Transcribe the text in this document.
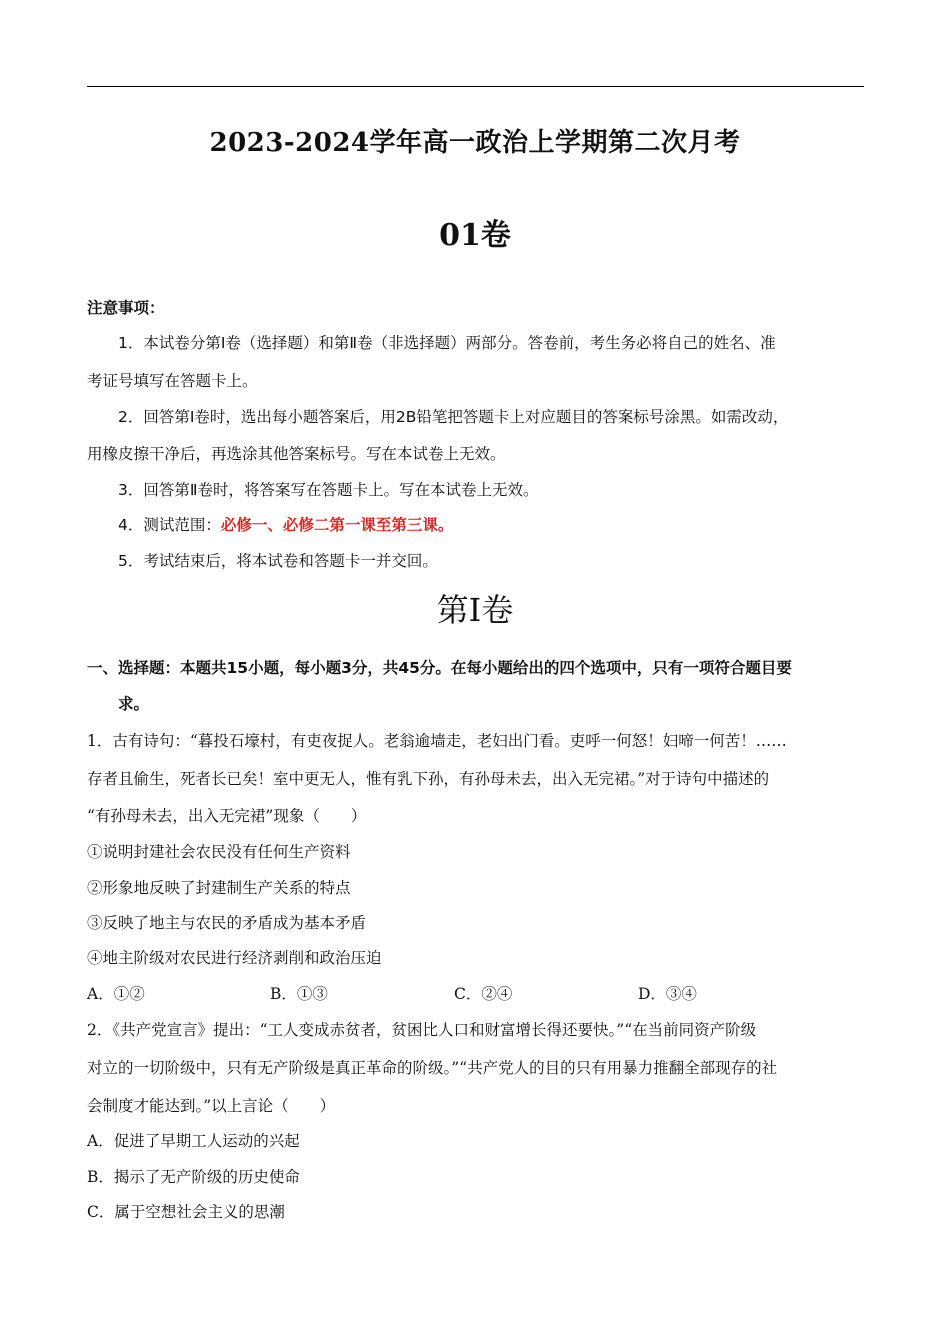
2023-2024学年高一政治上学期第二次月考
01卷
注意事项：
1．本试卷分第Ⅰ卷（选择题）和第Ⅱ卷（非选择题）两部分。答卷前，考生务必将自己的姓名、准
考证号填写在答题卡上。
2．回答第Ⅰ卷时，选出每小题答案后，用2B铅笔把答题卡上对应题目的答案标号涂黑。如需改动，
用橡皮擦干净后，再选涂其他答案标号。写在本试卷上无效。
3．回答第Ⅱ卷时，将答案写在答题卡上。写在本试卷上无效。
4．测试范围：必修一、必修二第一课至第三课。
5．考试结束后，将本试卷和答题卡一并交回。
第Ⅰ卷
一、选择题：本题共15小题，每小题3分，共45分。在每小题给出的四个选项中，只有一项符合题目要
求。
1．古有诗句：“暮投石壕村，有吏夜捉人。老翁逾墙走，老妇出门看。吏呼一何怒！妇啼一何苦！……
存者且偷生，死者长已矣！室中更无人，惟有乳下孙，有孙母未去，出入无完裙。”对于诗句中描述的
“有孙母未去，出入无完裙”现象（　　）
①说明封建社会农民没有任何生产资料
②形象地反映了封建制生产关系的特点
③反映了地主与农民的矛盾成为基本矛盾
④地主阶级对农民进行经济剥削和政治压迫
A．①②	B．①③	C．②④	D．③④
2．《共产党宣言》提出：“工人变成赤贫者，贫困比人口和财富增长得还要快。”“在当前同资产阶级
对立的一切阶级中，只有无产阶级是真正革命的阶级。”“共产党人的目的只有用暴力推翻全部现存的社
会制度才能达到。”以上言论（　　）
A．促进了早期工人运动的兴起
B．揭示了无产阶级的历史使命
C．属于空想社会主义的思潮
